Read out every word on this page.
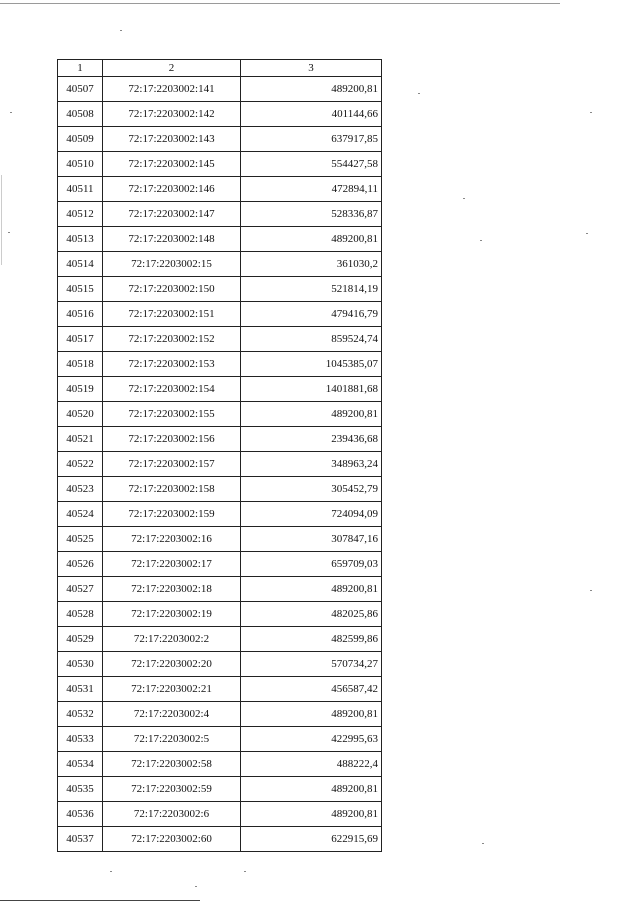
1	2	3
40507	72:17:2203002:141	489200,81
40508	72:17:2203002:142	401144,66
40509	72:17:2203002:143	637917,85
40510	72:17:2203002:145	554427,58
40511	72:17:2203002:146	472894,11
40512	72:17:2203002:147	528336,87
40513	72:17:2203002:148	489200,81
40514	72:17:2203002:15	361030,2
40515	72:17:2203002:150	521814,19
40516	72:17:2203002:151	479416,79
40517	72:17:2203002:152	859524,74
40518	72:17:2203002:153	1045385,07
40519	72:17:2203002:154	1401881,68
40520	72:17:2203002:155	489200,81
40521	72:17:2203002:156	239436,68
40522	72:17:2203002:157	348963,24
40523	72:17:2203002:158	305452,79
40524	72:17:2203002:159	724094,09
40525	72:17:2203002:16	307847,16
40526	72:17:2203002:17	659709,03
40527	72:17:2203002:18	489200,81
40528	72:17:2203002:19	482025,86
40529	72:17:2203002:2	482599,86
40530	72:17:2203002:20	570734,27
40531	72:17:2203002:21	456587,42
40532	72:17:2203002:4	489200,81
40533	72:17:2203002:5	422995,63
40534	72:17:2203002:58	488222,4
40535	72:17:2203002:59	489200,81
40536	72:17:2203002:6	489200,81
40537	72:17:2203002:60	622915,69
